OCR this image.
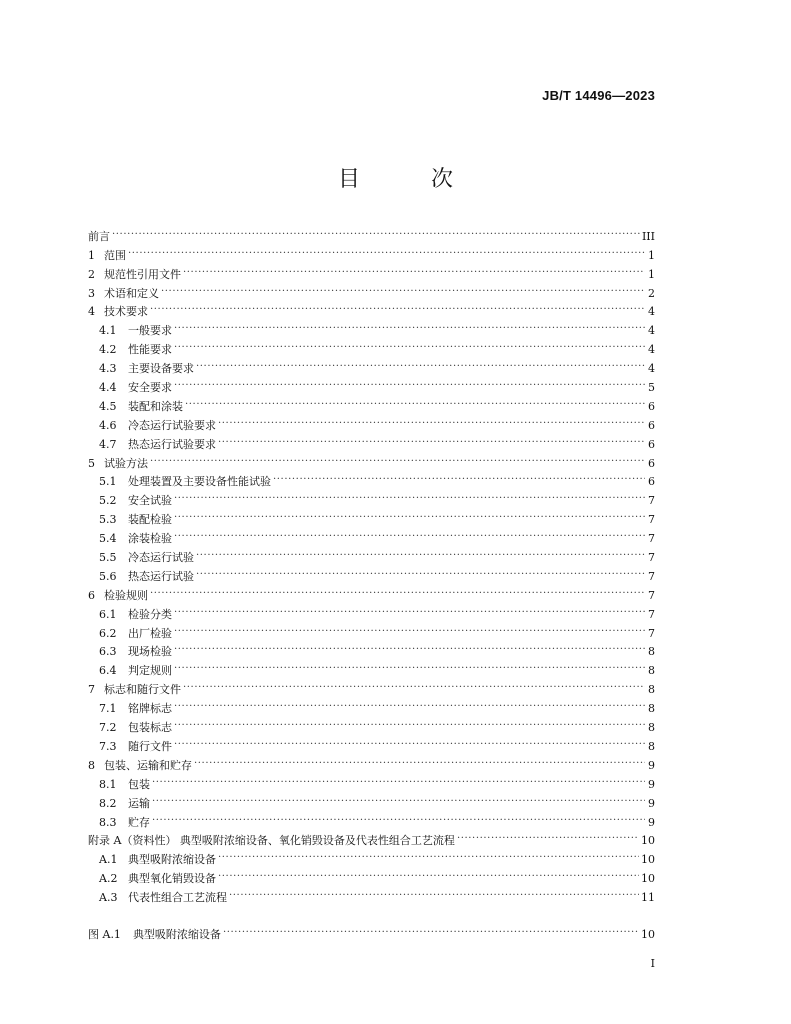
JB/T 14496—2023
目 次
前言 .....	III
1 范围 .....	1
2 规范性引用文件 .....	1
3 术语和定义 .....	2
4 技术要求 .....	4
4.1	一般要求 .....	4
4.2	性能要求 .....	4
4.3	主要设备要求 .....	4
4.4	安全要求 .....	5
4.5	装配和涂装 .....	6
4.6	冷态运行试验要求 .....	6
4.7	热态运行试验要求 .....	6
5 试验方法 .....	6
5.1	处理装置及主要设备性能试验 .....	6
5.2	安全试验 .....	7
5.3	装配检验 .....	7
5.4	涂装检验 .....	7
5.5	冷态运行试验 .....	7
5.6	热态运行试验 .....	7
6 检验规则 .....	7
6.1	检验分类 .....	7
6.2	出厂检验 .....	7
6.3	现场检验 .....	8
6.4	判定规则 .....	8
7 标志和随行文件 .....	8
7.1	铭牌标志 .....	8
7.2	包装标志 .....	8
7.3	随行文件 .....	8
8 包装、运输和贮存 .....	9
8.1	包装 .....	9
8.2	运输 .....	9
8.3	贮存 .....	9
附录 A（资料性） 典型吸附浓缩设备、氧化销毁设备及代表性组合工艺流程 .....	10
A.1 典型吸附浓缩设备 .....	10
A.2 典型氧化销毁设备 .....	10
A.3 代表性组合工艺流程 .....	11
图 A.1 典型吸附浓缩设备 .....	10
I
